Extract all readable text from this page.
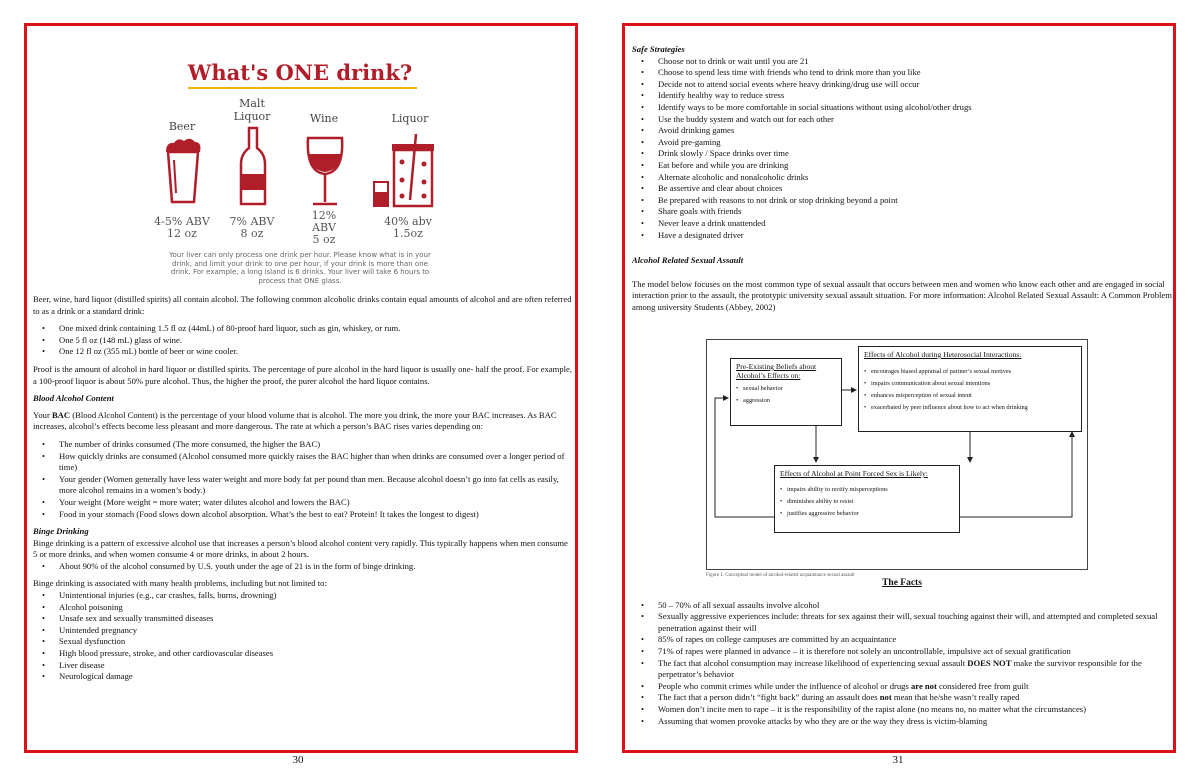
What's ONE drink?
Beer
Malt
Liquor	Wine	Liquor
4-5% ABV
12 oz
7% ABV
8 oz
12%
ABV
5 oz
40% abv
1.5oz
Your liver can only process one drink per hour. Please know what is in your drink, and limit your drink to one per hour, if your drink is more than one drink. For example, a long island is 6 drinks. Your liver will take 6 hours to process that ONE glass.

Beer, wine, hard liquor (distilled spirits) all contain alcohol. The following common alcoholic drinks contain equal amounts of alcohol and are often referred to as a drink or a standard drink:

• One mixed drink containing 1.5 fl oz (44mL) of 80-proof hard liquor, such as gin, whiskey, or rum.
• One 5 fl oz (148 mL) glass of wine.
• One 12 fl oz (355 mL) bottle of beer or wine cooler.

Proof is the amount of alcohol in hard liquor or distilled spirits. The percentage of pure alcohol in the hard liquor is usually one- half the proof. For example, a 100-proof liquor is about 50% pure alcohol. Thus, the higher the proof, the purer alcohol the hard liquor contains.

Blood Alcohol Content

Your BAC (Blood Alcohol Content) is the percentage of your blood volume that is alcohol. The more you drink, the more your BAC increases. As BAC increases, alcohol’s effects become less pleasant and more dangerous. The rate at which a person’s BAC rises varies depending on:

• The number of drinks consumed (The more consumed, the higher the BAC)
• How quickly drinks are consumed (Alcohol consumed more quickly raises the BAC higher than when drinks are consumed over a longer period of time)
• Your gender (Women generally have less water weight and more body fat per pound than men. Because alcohol doesn’t go into fat cells as easily, more alcohol remains in a women’s body.)
• Your weight (More weight = more water; water dilutes alcohol and lowers the BAC)
• Food in your stomach (Food slows down alcohol absorption. What’s the best to eat? Protein! It takes the longest to digest)
Binge Drinking

Binge drinking is a pattern of excessive alcohol use that increases a person’s blood alcohol content very rapidly. This typically happens when men consume 5 or more drinks, and when women consume 4 or more drinks, in about 2 hours.

• About 90% of the alcohol consumed by U.S. youth under the age of 21 is in the form of binge drinking.

Binge drinking is associated with many health problems, including but not limited to:

• Unintentional injuries (e.g., car crashes, falls, burns, drowning)
• Alcohol poisoning
• Unsafe sex and sexually transmitted diseases
• Unintended pregnancy
• Sexual dysfunction
• High blood pressure, stroke, and other cardiovascular diseases
• Liver disease
• Neurological damage
30
Safe Strategies
• Choose not to drink or wait until you are 21
• Choose to spend less time with friends who tend to drink more than you like
• Decide not to attend social events where heavy drinking/drug use will occur
• Identify healthy way to reduce stress
• Identify ways to be more comfortable in social situations without using alcohol/other drugs
• Use the buddy system and watch out for each other
• Avoid drinking games
• Avoid pre-gaming
• Drink slowly / Space drinks over time
• Eat before and while you are drinking
• Alternate alcoholic and nonalcoholic drinks
• Be assertive and clear about choices
• Be prepared with reasons to not drink or stop drinking beyond a point
• Share goals with friends
• Never leave a drink unattended
• Have a designated driver
Alcohol Related Sexual Assault

The model below focuses on the most common type of sexual assault that occurs between men and women who know each other and are engaged in social interaction prior to the assault, the prototypic university sexual assault situation. For more information: Alcohol Related Sexual Assault: A Common Problem among university Students (Abbey, 2002)

Pre-Existing Beliefs about Alcohol’s Effects on:
• sexual behavior
• aggression
Effects of Alcohol during Heterosocial Interactions:
• encourages biased appraisal of partner’s sexual motives
• impairs communication about sexual intentions
• enhances misperception of sexual intent
• exacerbated by peer influence about how to act when drinking
Effects of Alcohol at Point Forced Sex is Likely:
• impairs ability to rectify misperceptions
• diminishes ability to resist
• justifies aggressive behavior
Figure 1. Conceptual model of alcohol-related acquaintance sexual assault
The Facts
• 50 – 70% of all sexual assaults involve alcohol
• Sexually aggressive experiences include: threats for sex against their will, sexual touching against their will, and attempted and completed sexual penetration against their will
• 85% of rapes on college campuses are committed by an acquaintance
• 71% of rapes were planned in advance – it is therefore not solely an uncontrollable, impulsive act of sexual gratification
• The fact that alcohol consumption may increase likelihood of experiencing sexual assault DOES NOT make the survivor responsible for the perpetrator’s behavior
• People who commit crimes while under the influence of alcohol or drugs are not considered free from guilt
• The fact that a person didn’t “fight back” during an assault does not mean that he/she wasn’t really raped
• Women don’t incite men to rape – it is the responsibility of the rapist alone (no means no, no matter what the circumstances)
• Assuming that women provoke attacks by who they are or the way they dress is victim-blaming
31
